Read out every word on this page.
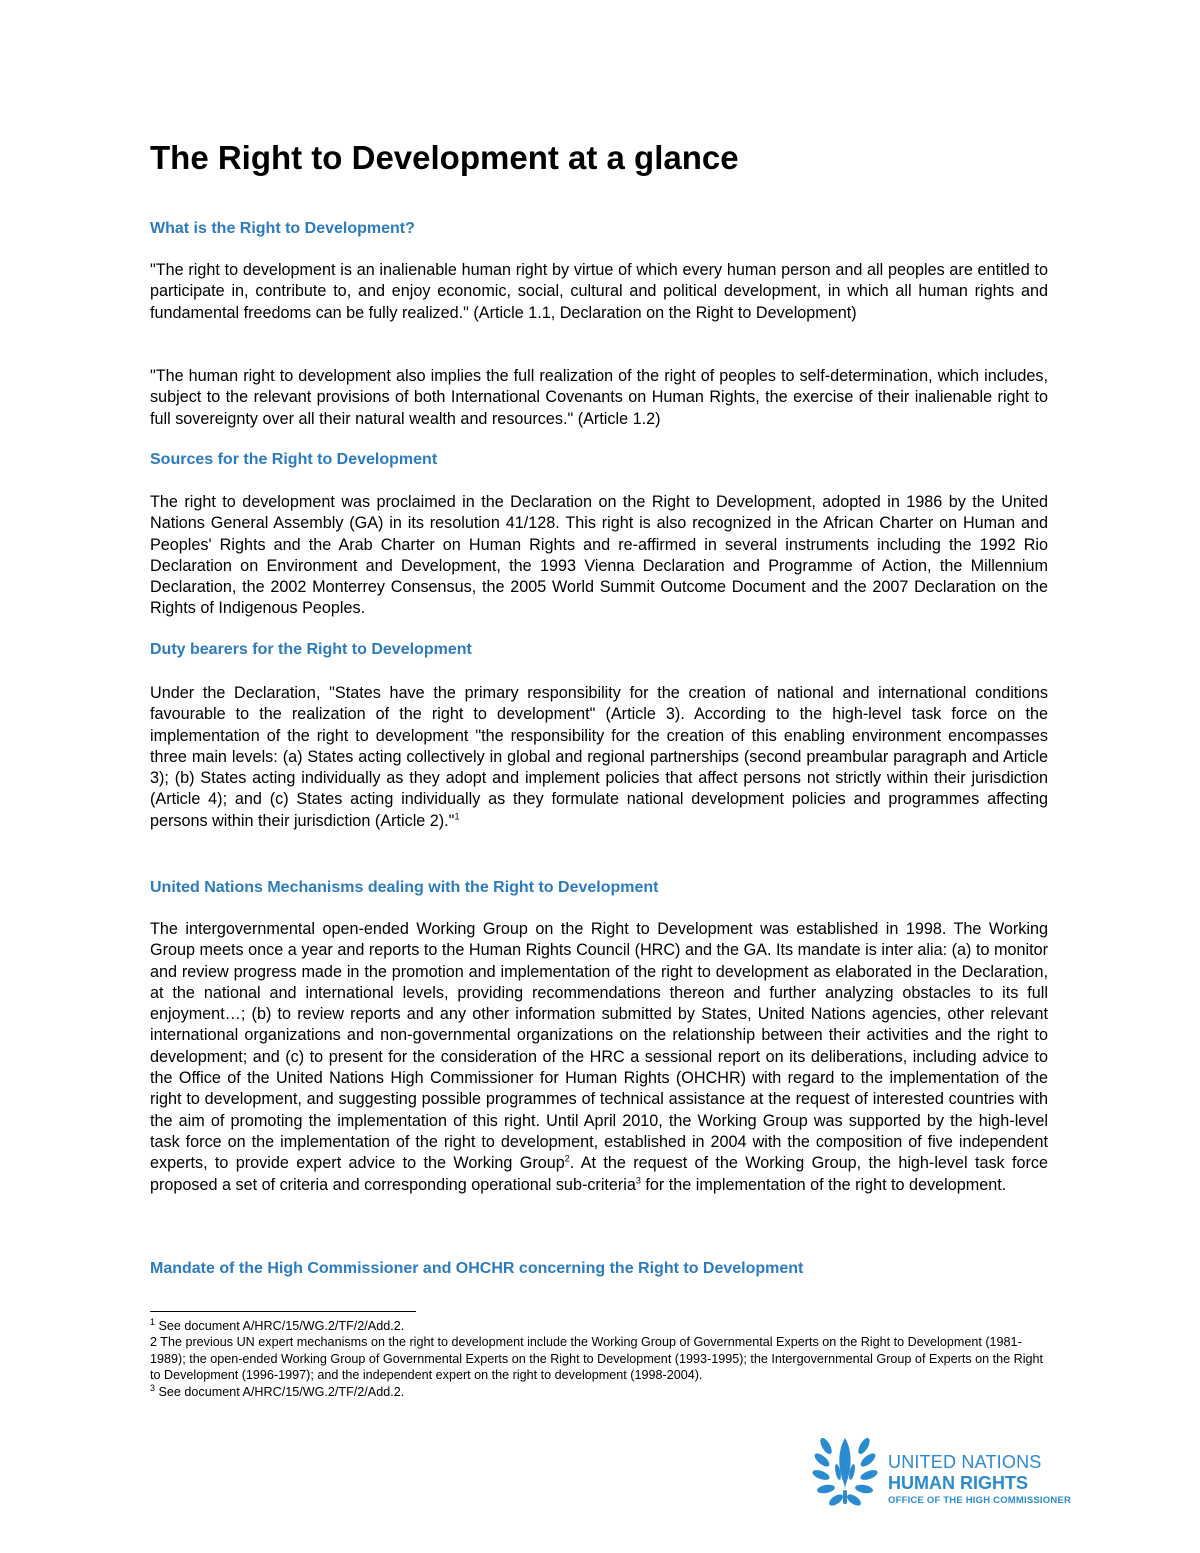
The Right to Development at a glance
What is the Right to Development?

"The right to development is an inalienable human right by virtue of which every human person and all peoples are entitled to participate in, contribute to, and enjoy economic, social, cultural and political development, in which all human rights and fundamental freedoms can be fully realized." (Article 1.1, Declaration on the Right to Development)

"The human right to development also implies the full realization of the right of peoples to self-determination, which includes, subject to the relevant provisions of both International Covenants on Human Rights, the exercise of their inalienable right to full sovereignty over all their natural wealth and resources." (Article 1.2)

Sources for the Right to Development

The right to development was proclaimed in the Declaration on the Right to Development, adopted in 1986 by the United Nations General Assembly (GA) in its resolution 41/128. This right is also recognized in the African Charter on Human and Peoples' Rights and the Arab Charter on Human Rights and re-affirmed in several instruments including the 1992 Rio Declaration on Environment and Development, the 1993 Vienna Declaration and Programme of Action, the Millennium Declaration, the 2002 Monterrey Consensus, the 2005 World Summit Outcome Document and the 2007 Declaration on the Rights of Indigenous Peoples.

Duty bearers for the Right to Development

Under the Declaration, "States have the primary responsibility for the creation of national and international conditions favourable to the realization of the right to development" (Article 3). According to the high-level task force on the implementation of the right to development "the responsibility for the creation of this enabling environment encompasses three main levels: (a) States acting collectively in global and regional partnerships (second preambular paragraph and Article 3); (b) States acting individually as they adopt and implement policies that affect persons not strictly within their jurisdiction (Article 4); and (c) States acting individually as they formulate national development policies and programmes affecting persons within their jurisdiction (Article 2)."$^1$

United Nations Mechanisms dealing with the Right to Development

The intergovernmental open-ended Working Group on the Right to Development was established in 1998. The Working Group meets once a year and reports to the Human Rights Council (HRC) and the GA. Its mandate is inter alia: (a) to monitor and review progress made in the promotion and implementation of the right to development as elaborated in the Declaration, at the national and international levels, providing recommendations thereon and further analyzing obstacles to its full enjoyment…; (b) to review reports and any other information submitted by States, United Nations agencies, other relevant international organizations and non-governmental organizations on the relationship between their activities and the right to development; and (c) to present for the consideration of the HRC a sessional report on its deliberations, including advice to the Office of the United Nations High Commissioner for Human Rights (OHCHR) with regard to the implementation of the right to development, and suggesting possible programmes of technical assistance at the request of interested countries with the aim of promoting the implementation of this right. Until April 2010, the Working Group was supported by the high-level task force on the implementation of the right to development, established in 2004 with the composition of five independent experts, to provide expert advice to the Working Group$^2$. At the request of the Working Group, the high-level task force proposed a set of criteria and corresponding operational sub-criteria$^3$ for the implementation of the right to development.

Mandate of the High Commissioner and OHCHR concerning the Right to Development

$^1$ See document A/HRC/15/WG.2/TF/2/Add.2.

2 The previous UN expert mechanisms on the right to development include the Working Group of Governmental Experts on the Right to Development (1981-1989); the open-ended Working Group of Governmental Experts on the Right to Development (1993-1995); the Intergovernmental Group of Experts on the Right to Development (1996-1997); and the independent expert on the right to development (1998-2004).

$^3$ See document A/HRC/15/WG.2/TF/2/Add.2.

UNITED NATIONS
HUMAN RIGHTS
OFFICE OF THE HIGH COMMISSIONER
